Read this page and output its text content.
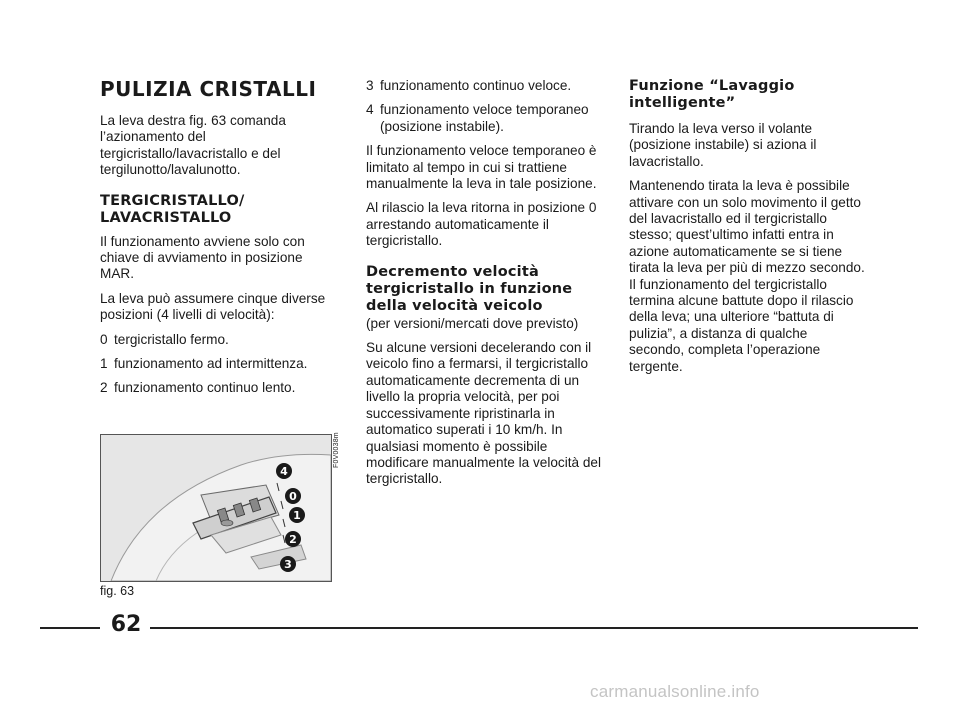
PULIZIA CRISTALLI

La leva destra fig. 63 comanda l’azionamento del tergicristallo/lavacristallo e del tergilunotto/lavalunotto.

TERGICRISTALLO/ LAVACRISTALLO

Il funzionamento avviene solo con chiave di avviamento in posizione MAR.

La leva può assumere cinque diverse posizioni (4 livelli di velocità):

0 tergicristallo fermo.
1 funzionamento ad intermittenza.
2 funzionamento continuo lento.
3 funzionamento continuo veloce.
4 funzionamento veloce temporaneo (posizione instabile).

Il funzionamento veloce temporaneo è limitato al tempo in cui si trattiene manualmente la leva in tale posizione.

Al rilascio la leva ritorna in posizione 0 arrestando automaticamente il tergicristallo.

Decremento velocità tergicristallo in funzione della velocità veicolo

(per versioni/mercati dove previsto)

Su alcune versioni decelerando con il veicolo fino a fermarsi, il tergicristallo automaticamente decrementa di un livello la propria velocità, per poi successivamente ripristinarla in automatico superati i 10 km/h. In qualsiasi momento è possibile modificare manualmente la velocità del tergicristallo.

Funzione “Lavaggio intelligente”

Tirando la leva verso il volante (posizione instabile) si aziona il lavacristallo.

Mantenendo tirata la leva è possibile attivare con un solo movimento il getto del lavacristallo ed il tergicristallo stesso; quest’ultimo infatti entra in azione automaticamente se si tiene tirata la leva per più di mezzo secondo. Il funzionamento del tergicristallo termina alcune battute dopo il rilascio della leva; una ulteriore “battuta di pulizia”, a distanza di qualche secondo, completa l’operazione tergente.

4
0
1
2
3
F0V0038m
fig. 63
62
carmanualsonline.info
